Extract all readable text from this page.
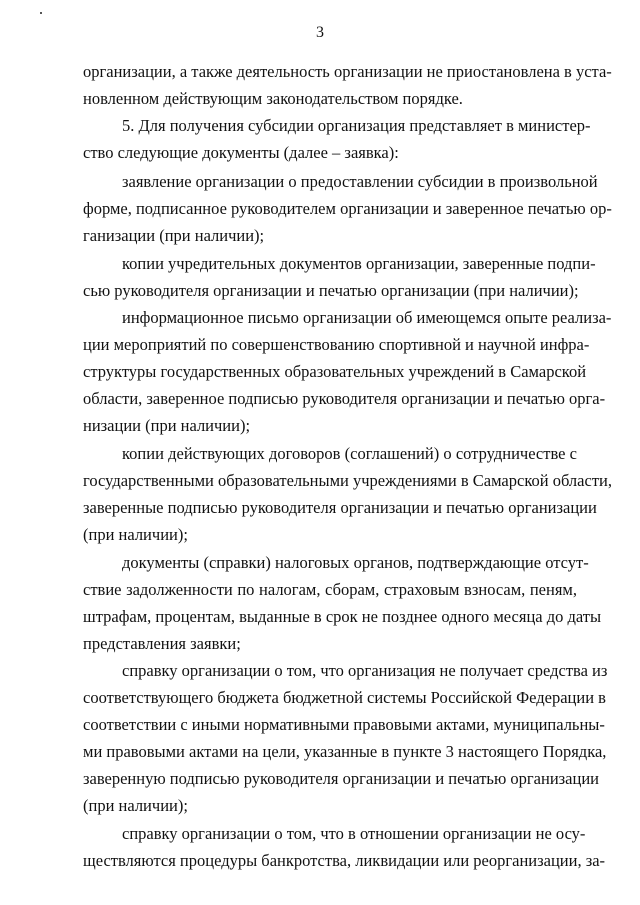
3
организации, а также деятельность организации не приостановлена в уста-
новленном действующим законодательством порядке.
5. Для получения субсидии организация представляет в министер-
ство следующие документы (далее – заявка):
заявление организации о предоставлении субсидии в произвольной
форме, подписанное руководителем организации и заверенное печатью ор-
ганизации (при наличии);
копии учредительных документов организации, заверенные подпи-
сью руководителя организации и печатью организации (при наличии);
информационное письмо организации об имеющемся опыте реализа-
ции мероприятий по совершенствованию спортивной и научной инфра-
структуры государственных образовательных учреждений в Самарской
области, заверенное подписью руководителя организации и печатью орга-
низации (при наличии);
копии действующих договоров (соглашений) о сотрудничестве с
государственными образовательными учреждениями в Самарской области,
заверенные подписью руководителя организации и печатью организации
(при наличии);
документы (справки) налоговых органов, подтверждающие отсут-
ствие задолженности по налогам, сборам, страховым взносам, пеням,
штрафам, процентам, выданные в срок не позднее одного месяца до даты
представления заявки;
справку организации о том, что организация не получает средства из
соответствующего бюджета бюджетной системы Российской Федерации в
соответствии с иными нормативными правовыми актами, муниципальны-
ми правовыми актами на цели, указанные в пункте 3 настоящего Порядка,
заверенную подписью руководителя организации и печатью организации
(при наличии);
справку организации о том, что в отношении организации не осу-
ществляются процедуры банкротства, ликвидации или реорганизации, за-
